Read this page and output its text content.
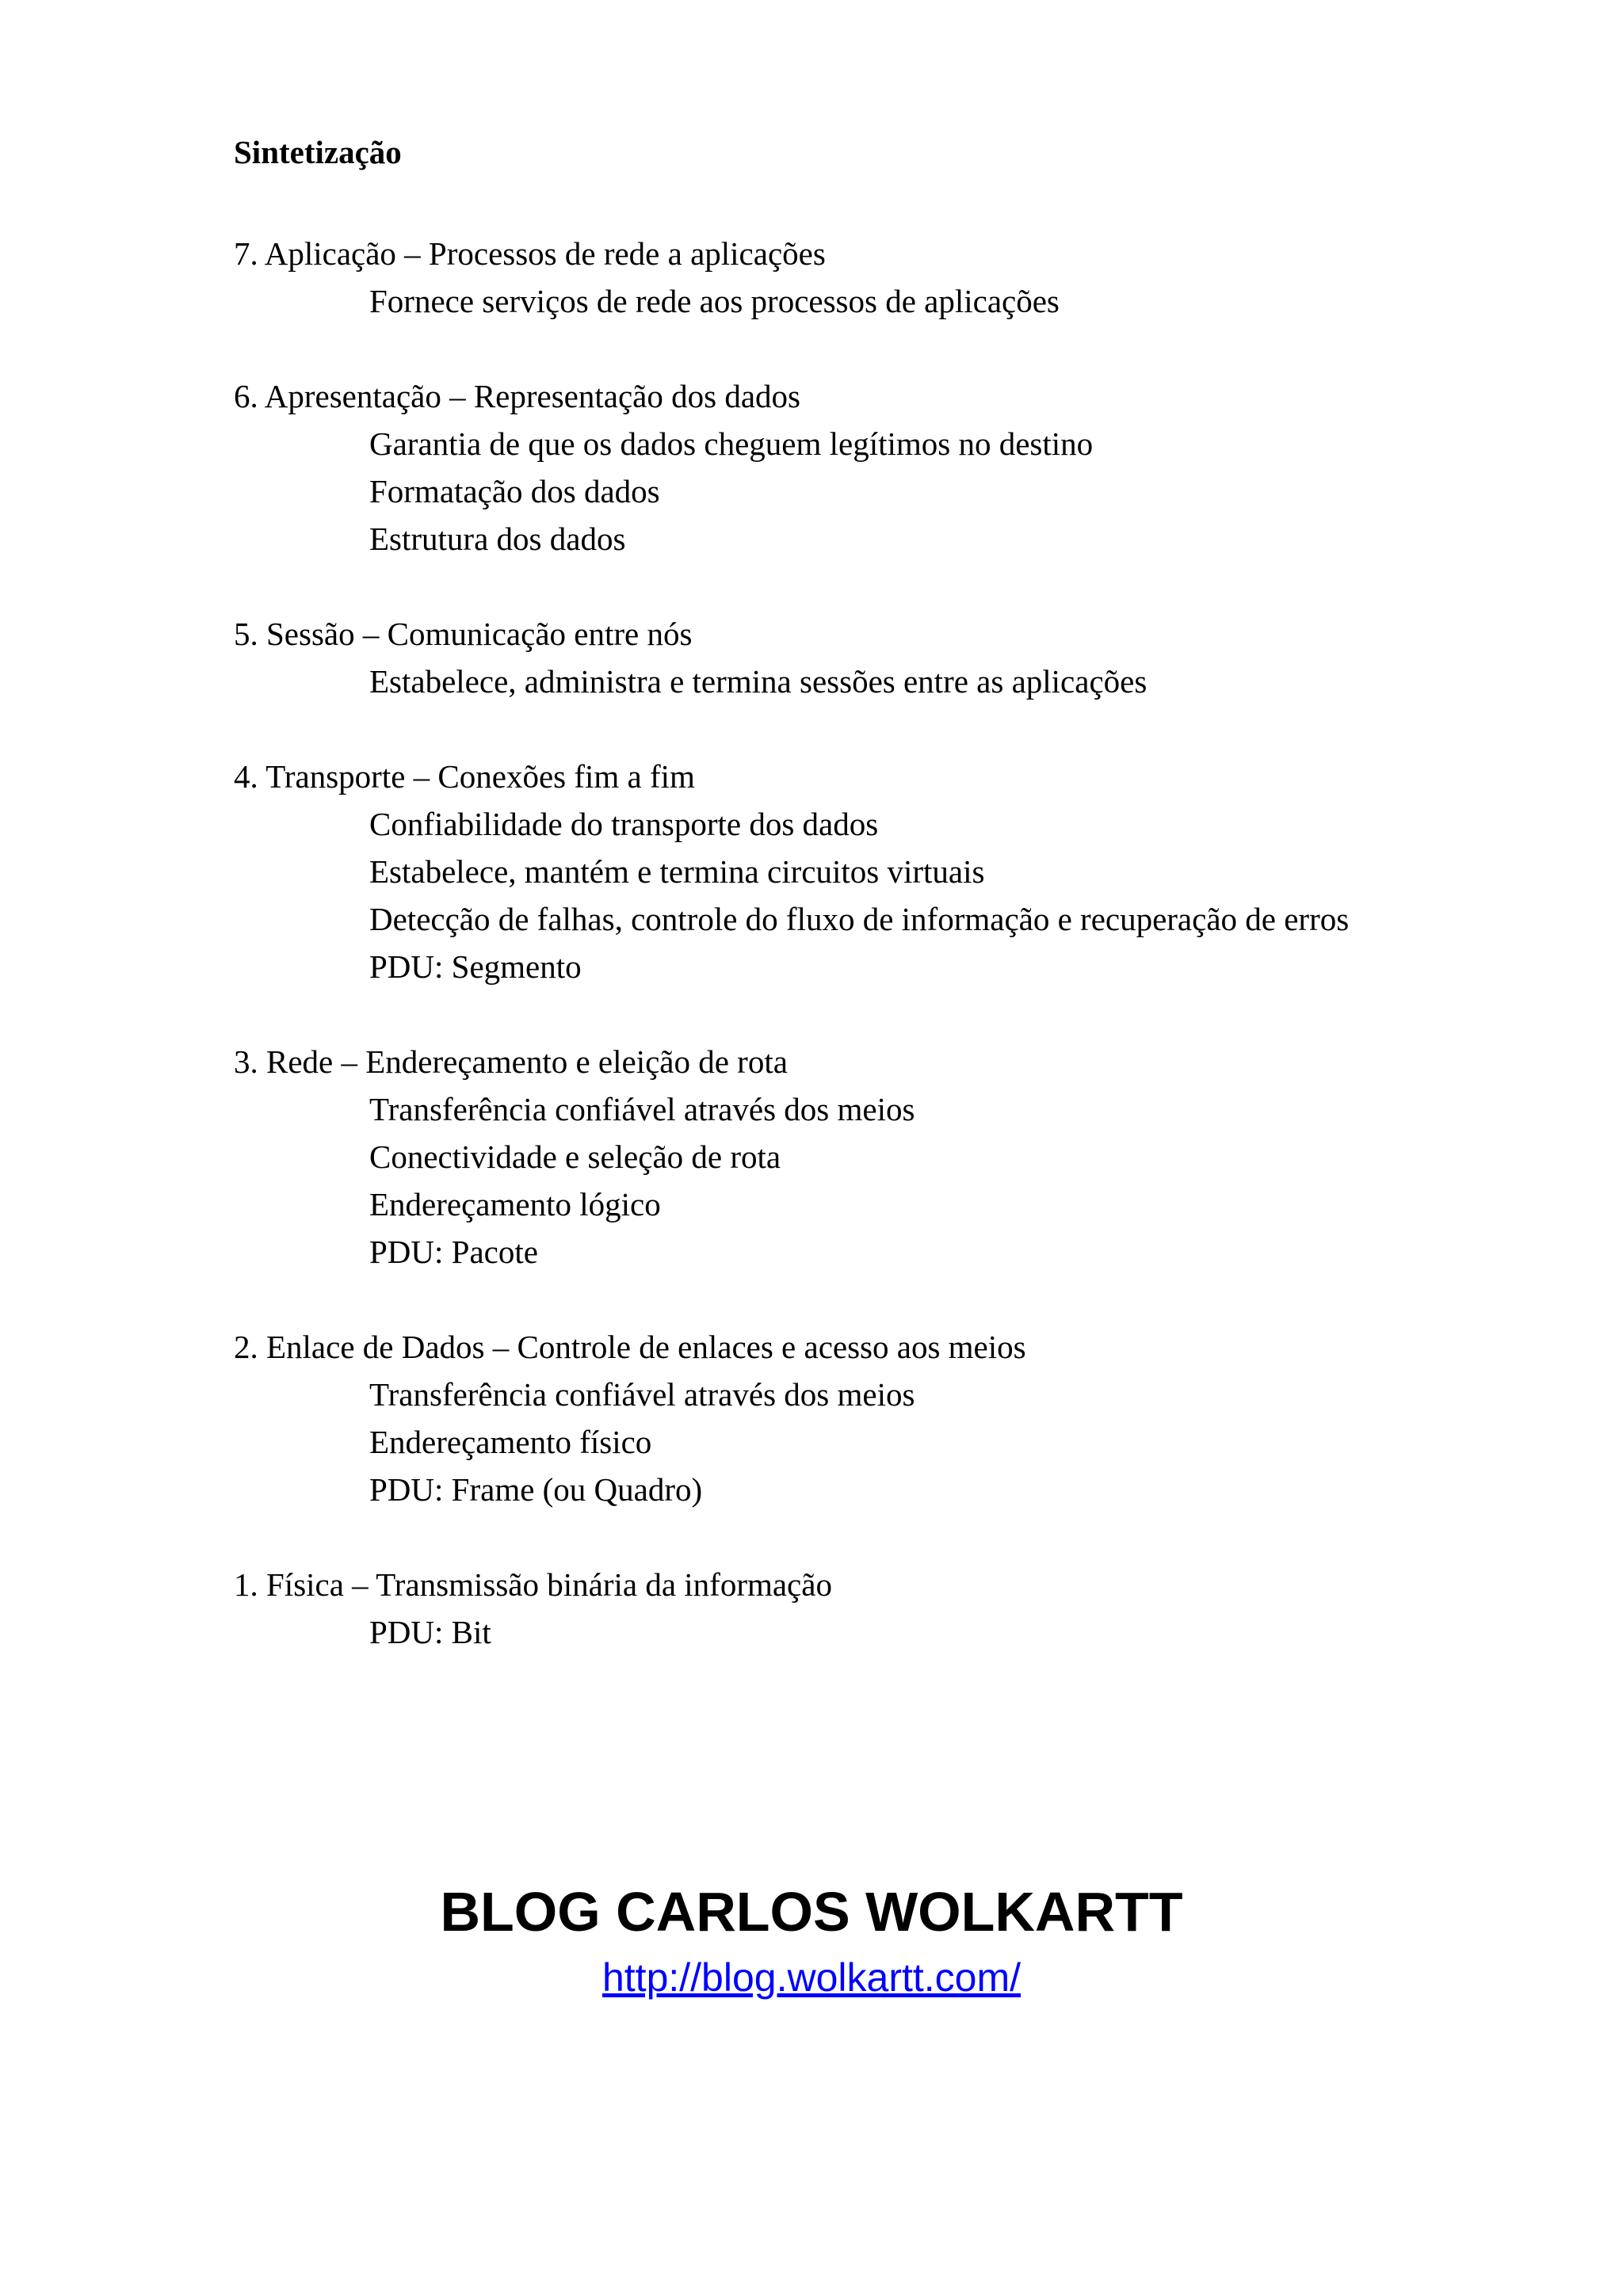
Sintetização
7. Aplicação – Processos de rede a aplicações
Fornece serviços de rede aos processos de aplicações
6. Apresentação – Representação dos dados
Garantia de que os dados cheguem legítimos no destino
Formatação dos dados
Estrutura dos dados
5. Sessão – Comunicação entre nós
Estabelece, administra e termina sessões entre as aplicações
4. Transporte – Conexões fim a fim
Confiabilidade do transporte dos dados
Estabelece, mantém e termina circuitos virtuais
Detecção de falhas, controle do fluxo de informação e recuperação de erros
PDU: Segmento
3. Rede – Endereçamento e eleição de rota
Transferência confiável através dos meios
Conectividade e seleção de rota
Endereçamento lógico
PDU: Pacote
2. Enlace de Dados – Controle de enlaces e acesso aos meios
Transferência confiável através dos meios
Endereçamento físico
PDU: Frame (ou Quadro)
1. Física – Transmissão binária da informação
PDU: Bit
BLOG CARLOS WOLKARTT
http://blog.wolkartt.com/
